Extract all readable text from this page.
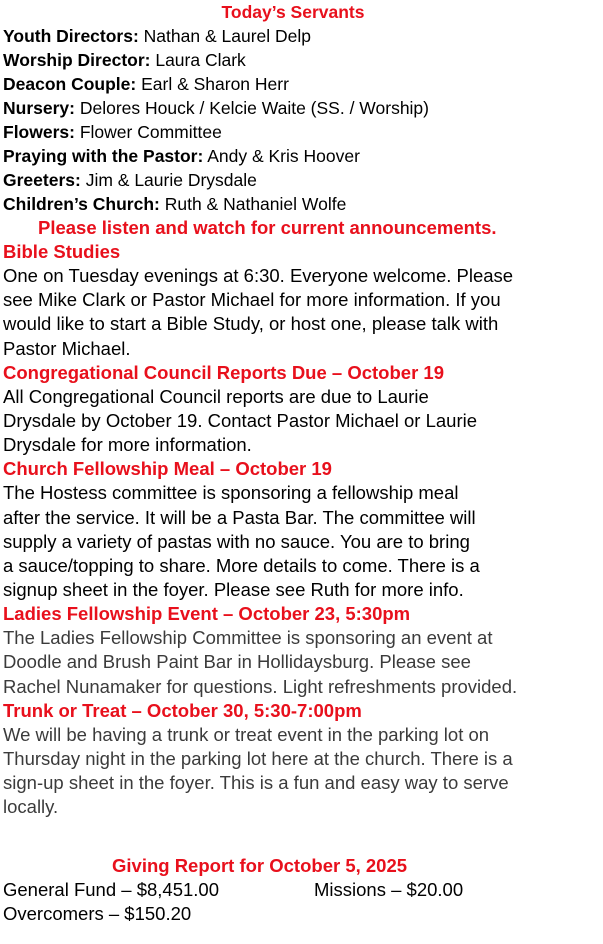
Today’s Servants
Youth Directors: Nathan & Laurel Delp
Worship Director: Laura Clark
Deacon Couple: Earl & Sharon Herr
Nursery: Delores Houck / Kelcie Waite (SS. / Worship)
Flowers: Flower Committee
Praying with the Pastor: Andy & Kris Hoover
Greeters: Jim & Laurie Drysdale
Children’s Church: Ruth & Nathaniel Wolfe
Please listen and watch for current announcements.
Bible Studies
One on Tuesday evenings at 6:30. Everyone welcome. Please
see Mike Clark or Pastor Michael for more information. If you
would like to start a Bible Study, or host one, please talk with
Pastor Michael.
Congregational Council Reports Due – October 19
All Congregational Council reports are due to Laurie
Drysdale by October 19. Contact Pastor Michael or Laurie
Drysdale for more information.
Church Fellowship Meal – October 19
The Hostess committee is sponsoring a fellowship meal
after the service. It will be a Pasta Bar. The committee will
supply a variety of pastas with no sauce. You are to bring
a sauce/topping to share. More details to come. There is a
signup sheet in the foyer. Please see Ruth for more info.
Ladies Fellowship Event – October 23, 5:30pm
The Ladies Fellowship Committee is sponsoring an event at
Doodle and Brush Paint Bar in Hollidaysburg. Please see
Rachel Nunamaker for questions. Light refreshments provided.
Trunk or Treat – October 30, 5:30-7:00pm
We will be having a trunk or treat event in the parking lot on
Thursday night in the parking lot here at the church. There is a
sign-up sheet in the foyer. This is a fun and easy way to serve
locally.
Giving Report for October 5, 2025
General Fund – $8,451.00	Missions – $20.00
Overcomers – $150.20
